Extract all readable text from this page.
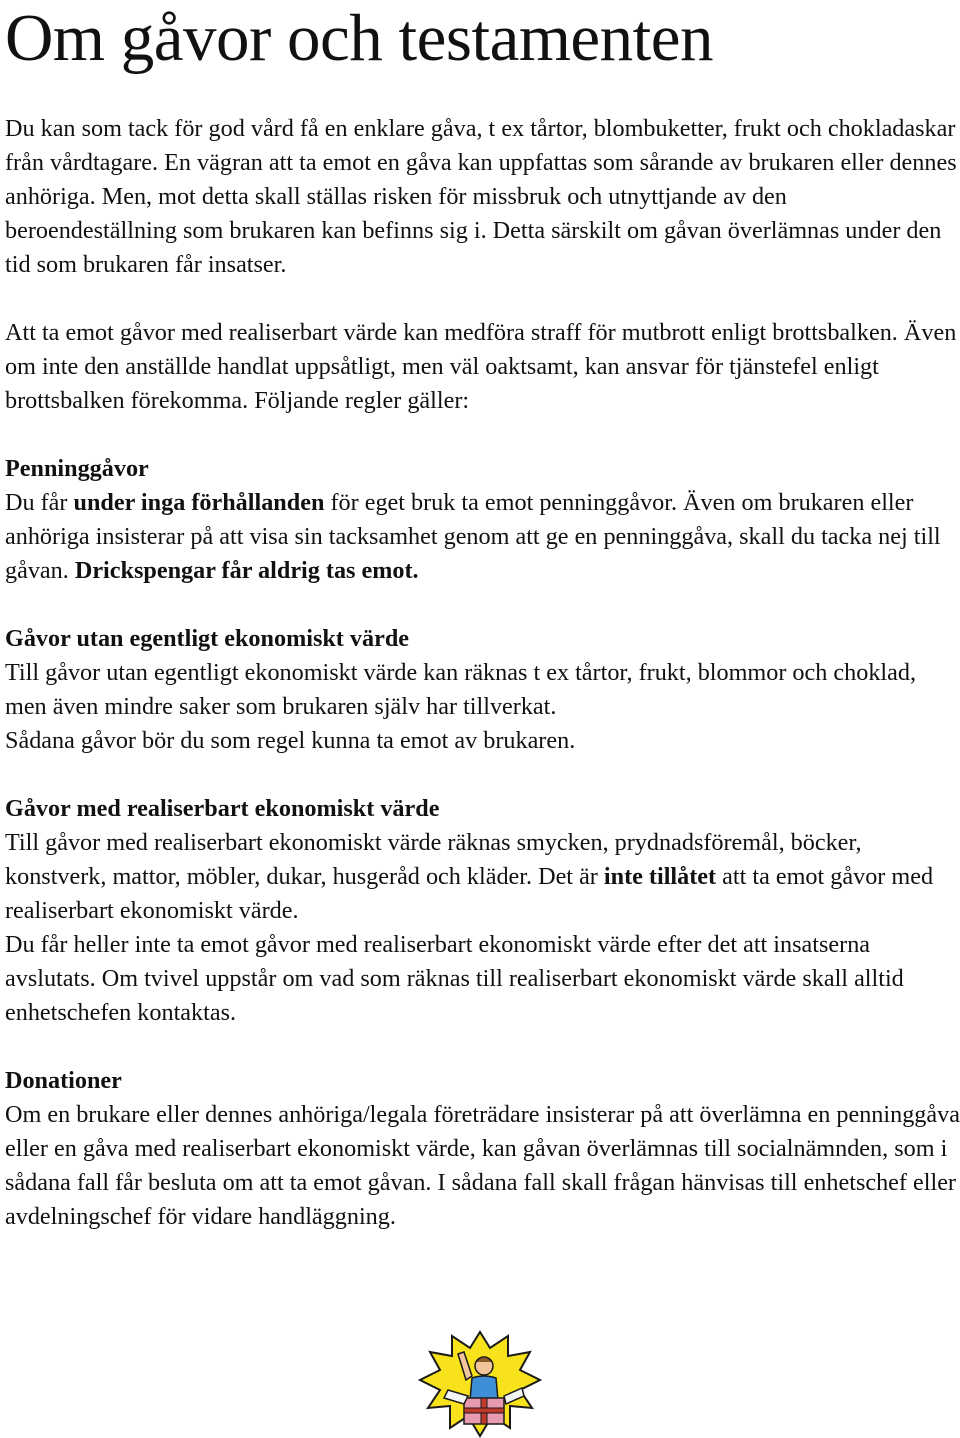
Om gåvor och testamenten

Du kan som tack för god vård få en enklare gåva, t ex tårtor, blombuketter, frukt och chokladaskar från vårdtagare. En vägran att ta emot en gåva kan uppfattas som sårande av brukaren eller dennes anhöriga. Men, mot detta skall ställas risken för missbruk och utnyttjande av den beroendeställning som brukaren kan befinns sig i. Detta särskilt om gåvan överlämnas under den tid som brukaren får insatser.

Att ta emot gåvor med realiserbart värde kan medföra straff för mutbrott enligt brottsbalken. Även om inte den anställde handlat uppsåtligt, men väl oaktsamt, kan ansvar för tjänstefel enligt brottsbalken förekomma. Följande regler gäller:

Penninggåvor
Du får under inga förhållanden för eget bruk ta emot penninggåvor. Även om brukaren eller anhöriga insisterar på att visa sin tacksamhet genom att ge en penninggåva, skall du tacka nej till gåvan. Drickspengar får aldrig tas emot.

Gåvor utan egentligt ekonomiskt värde
Till gåvor utan egentligt ekonomiskt värde kan räknas t ex tårtor, frukt, blommor och choklad, men även mindre saker som brukaren själv har tillverkat.
Sådana gåvor bör du som regel kunna ta emot av brukaren.

Gåvor med realiserbart ekonomiskt värde
Till gåvor med realiserbart ekonomiskt värde räknas smycken, prydnadsföremål, böcker, konstverk, mattor, möbler, dukar, husgeråd och kläder. Det är inte tillåtet att ta emot gåvor med realiserbart ekonomiskt värde.
Du får heller inte ta emot gåvor med realiserbart ekonomiskt värde efter det att insatserna avslutats. Om tvivel uppstår om vad som räknas till realiserbart ekonomiskt värde skall alltid enhetschefen kontaktas.

Donationer
Om en brukare eller dennes anhöriga/legala företrädare insisterar på att överlämna en penninggåva eller en gåva med realiserbart ekonomiskt värde, kan gåvan överlämnas till socialnämnden, som i sådana fall får besluta om att ta emot gåvan. I sådana fall skall frågan hänvisas till enhetschef eller avdelningschef för vidare handläggning.
